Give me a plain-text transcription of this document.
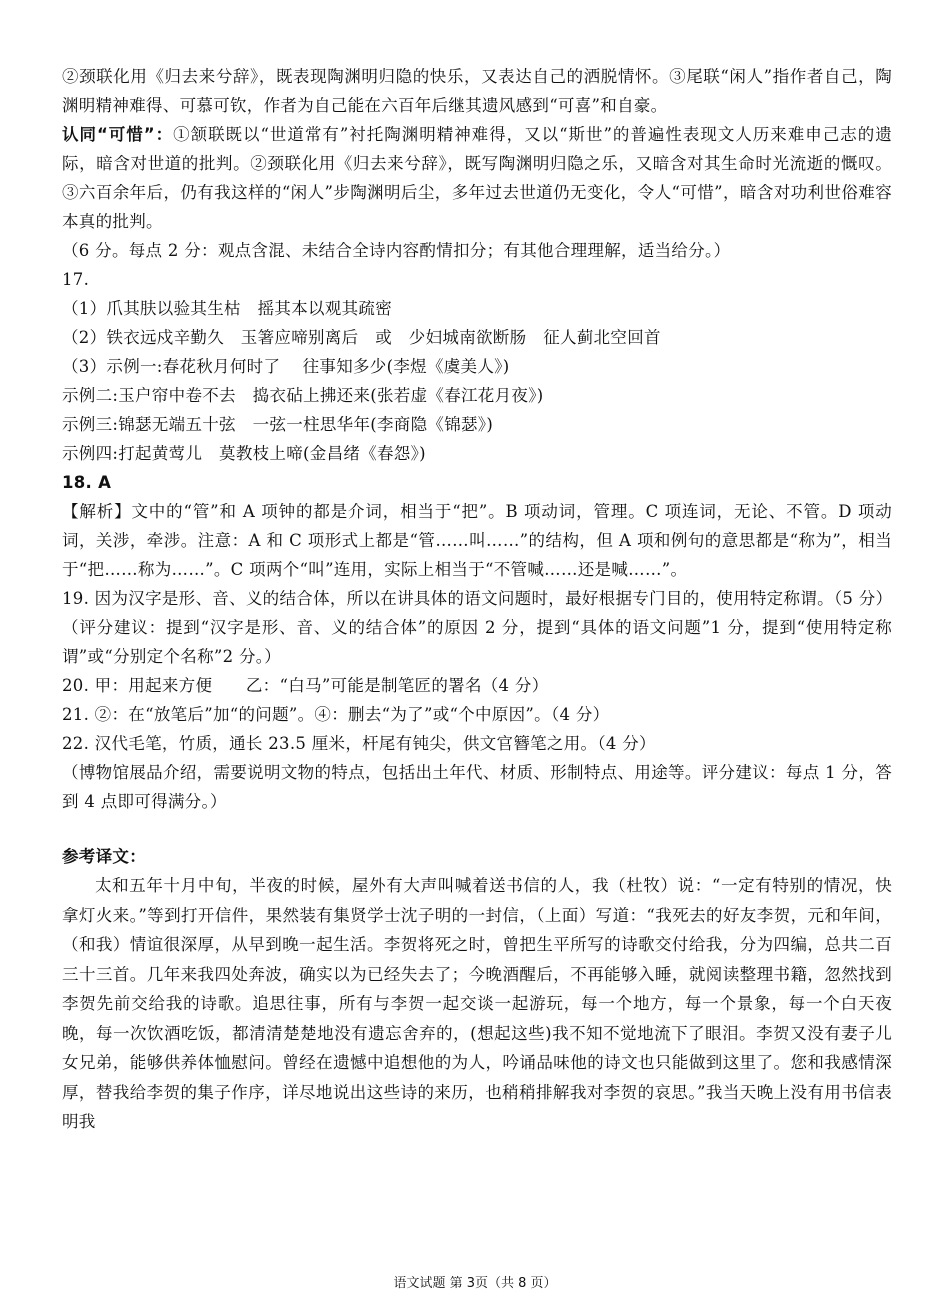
②颈联化用《归去来兮辞》，既表现陶渊明归隐的快乐，又表达自己的洒脱情怀。③尾联“闲人”指作者自己，陶渊明精神难得、可慕可钦，作者为自己能在六百年后继其遗风感到“可喜”和自豪。

认同“可惜”：①颔联既以“世道常有”衬托陶渊明精神难得，又以“斯世”的普遍性表现文人历来难申己志的遗际，暗含对世道的批判。②颈联化用《归去来兮辞》，既写陶渊明归隐之乐，又暗含对其生命时光流逝的慨叹。③六百余年后，仍有我这样的“闲人”步陶渊明后尘，多年过去世道仍无变化，令人“可惜”，暗含对功利世俗难容本真的批判。

（6 分。每点 2 分：观点含混、未结合全诗内容酌情扣分；有其他合理理解，适当给分。）

17.

（1）爪其肤以验其生枯　摇其本以观其疏密

（2）铁衣远戍辛勤久　玉箸应啼别离后　或　少妇城南欲断肠　征人蓟北空回首

（3）示例一:春花秋月何时了　 往事知多少(李煜《虞美人》)

示例二:玉户帘中卷不去　捣衣砧上拂还来(张若虚《春江花月夜》)

示例三:锦瑟无端五十弦　一弦一柱思华年(李商隐《锦瑟》)

示例四:打起黄莺儿　莫教枝上啼(金昌绪《春怨》)

18. A

【解析】文中的“管”和 A 项钟的都是介词，相当于“把”。B 项动词，管理。C 项连词，无论、不管。D 项动词，关涉，牵涉。注意：A 和 C 项形式上都是“管……叫……”的结构，但 A 项和例句的意思都是“称为”，相当于“把……称为……”。C 项两个“叫”连用，实际上相当于“不管喊……还是喊……”。

19. 因为汉字是形、音、义的结合体，所以在讲具体的语文问题时，最好根据专门目的，使用特定称谓。（5 分）

（评分建议：提到“汉字是形、音、义的结合体”的原因 2 分，提到“具体的语文问题”1 分，提到“使用特定称谓”或“分别定个名称”2 分。）

20. 甲：用起来方便　　乙：“白马”可能是制笔匠的署名（4 分）

21. ②：在“放笔后”加“的问题”。④：删去“为了”或“个中原因”。（4 分）

22. 汉代毛笔，竹质，通长 23.5 厘米，杆尾有钝尖，供文官簪笔之用。（4 分）

（博物馆展品介绍，需要说明文物的特点，包括出土年代、材质、形制特点、用途等。评分建议：每点 1 分，答到 4 点即可得满分。）

参考译文：

太和五年十月中旬，半夜的时候，屋外有大声叫喊着送书信的人，我（杜牧）说：“一定有特别的情况，快拿灯火来。”等到打开信件，果然装有集贤学士沈子明的一封信，（上面）写道：“我死去的好友李贺，元和年间，（和我）情谊很深厚，从早到晚一起生活。李贺将死之时，曾把生平所写的诗歌交付给我，分为四编，总共二百三十三首。几年来我四处奔波，确实以为已经失去了；今晚酒醒后，不再能够入睡，就阅读整理书籍，忽然找到李贺先前交给我的诗歌。追思往事，所有与李贺一起交谈一起游玩，每一个地方，每一个景象，每一个白天夜晚，每一次饮酒吃饭，都清清楚楚地没有遗忘舍弃的，(想起这些)我不知不觉地流下了眼泪。李贺又没有妻子儿女兄弟，能够供养体恤慰问。曾经在遗憾中追想他的为人，吟诵品味他的诗文也只能做到这里了。您和我感情深厚，替我给李贺的集子作序，详尽地说出这些诗的来历，也稍稍排解我对李贺的哀思。”我当天晚上没有用书信表明我

语文试题 第 3页（共 8 页）
